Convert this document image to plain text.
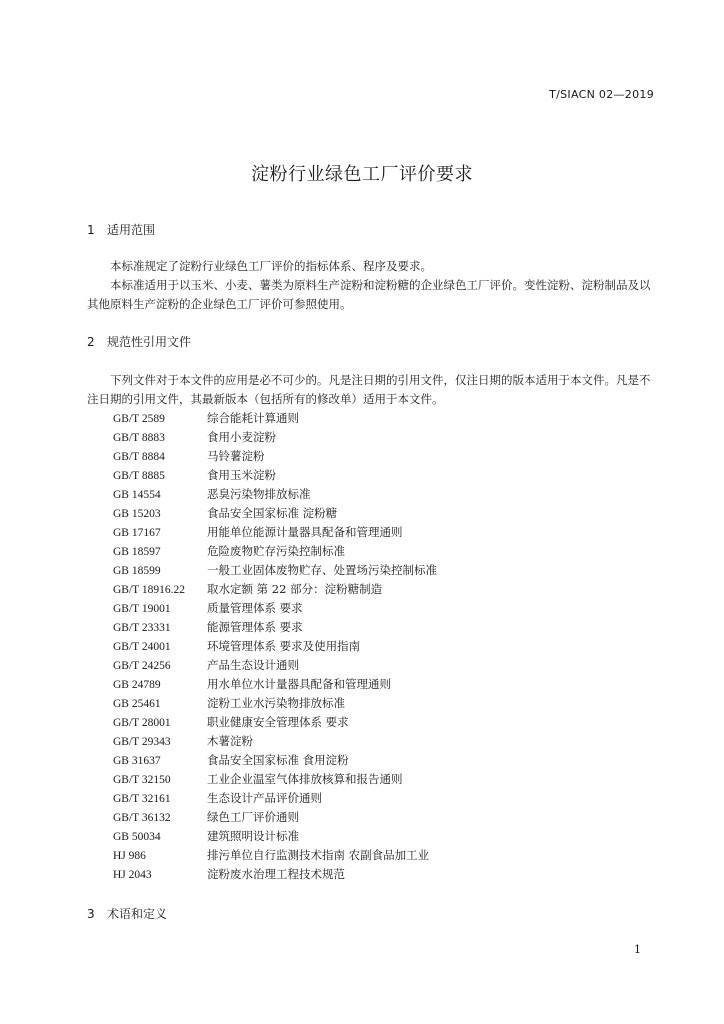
T/SIACN 02—2019
淀粉行业绿色工厂评价要求
1 适用范围

本标准规定了淀粉行业绿色工厂评价的指标体系、程序及要求。

本标准适用于以玉米、小麦、薯类为原料生产淀粉和淀粉糖的企业绿色工厂评价。变性淀粉、淀粉制品及以其他原料生产淀粉的企业绿色工厂评价可参照使用。

2 规范性引用文件

下列文件对于本文件的应用是必不可少的。凡是注日期的引用文件，仅注日期的版本适用于本文件。凡是不注日期的引用文件，其最新版本（包括所有的修改单）适用于本文件。

GB/T 2589	综合能耗计算通则
GB/T 8883	食用小麦淀粉
GB/T 8884	马铃薯淀粉
GB/T 8885	食用玉米淀粉
GB 14554	恶臭污染物排放标准
GB 15203	食品安全国家标准 淀粉糖
GB 17167	用能单位能源计量器具配备和管理通则
GB 18597	危险废物贮存污染控制标准
GB 18599	一般工业固体废物贮存、处置场污染控制标准
GB/T 18916.22 取水定额 第 22 部分：淀粉糖制造
GB/T 19001	质量管理体系 要求
GB/T 23331	能源管理体系 要求
GB/T 24001	环境管理体系 要求及使用指南
GB/T 24256	产品生态设计通则
GB 24789	用水单位水计量器具配备和管理通则
GB 25461	淀粉工业水污染物排放标准
GB/T 28001	职业健康安全管理体系 要求
GB/T 29343	木薯淀粉
GB 31637	食品安全国家标准 食用淀粉
GB/T 32150	工业企业温室气体排放核算和报告通则
GB/T 32161	生态设计产品评价通则
GB/T 36132	绿色工厂评价通则
GB 50034	建筑照明设计标准
HJ 986	排污单位自行监测技术指南 农副食品加工业
HJ 2043	淀粉废水治理工程技术规范
3 术语和定义
1
